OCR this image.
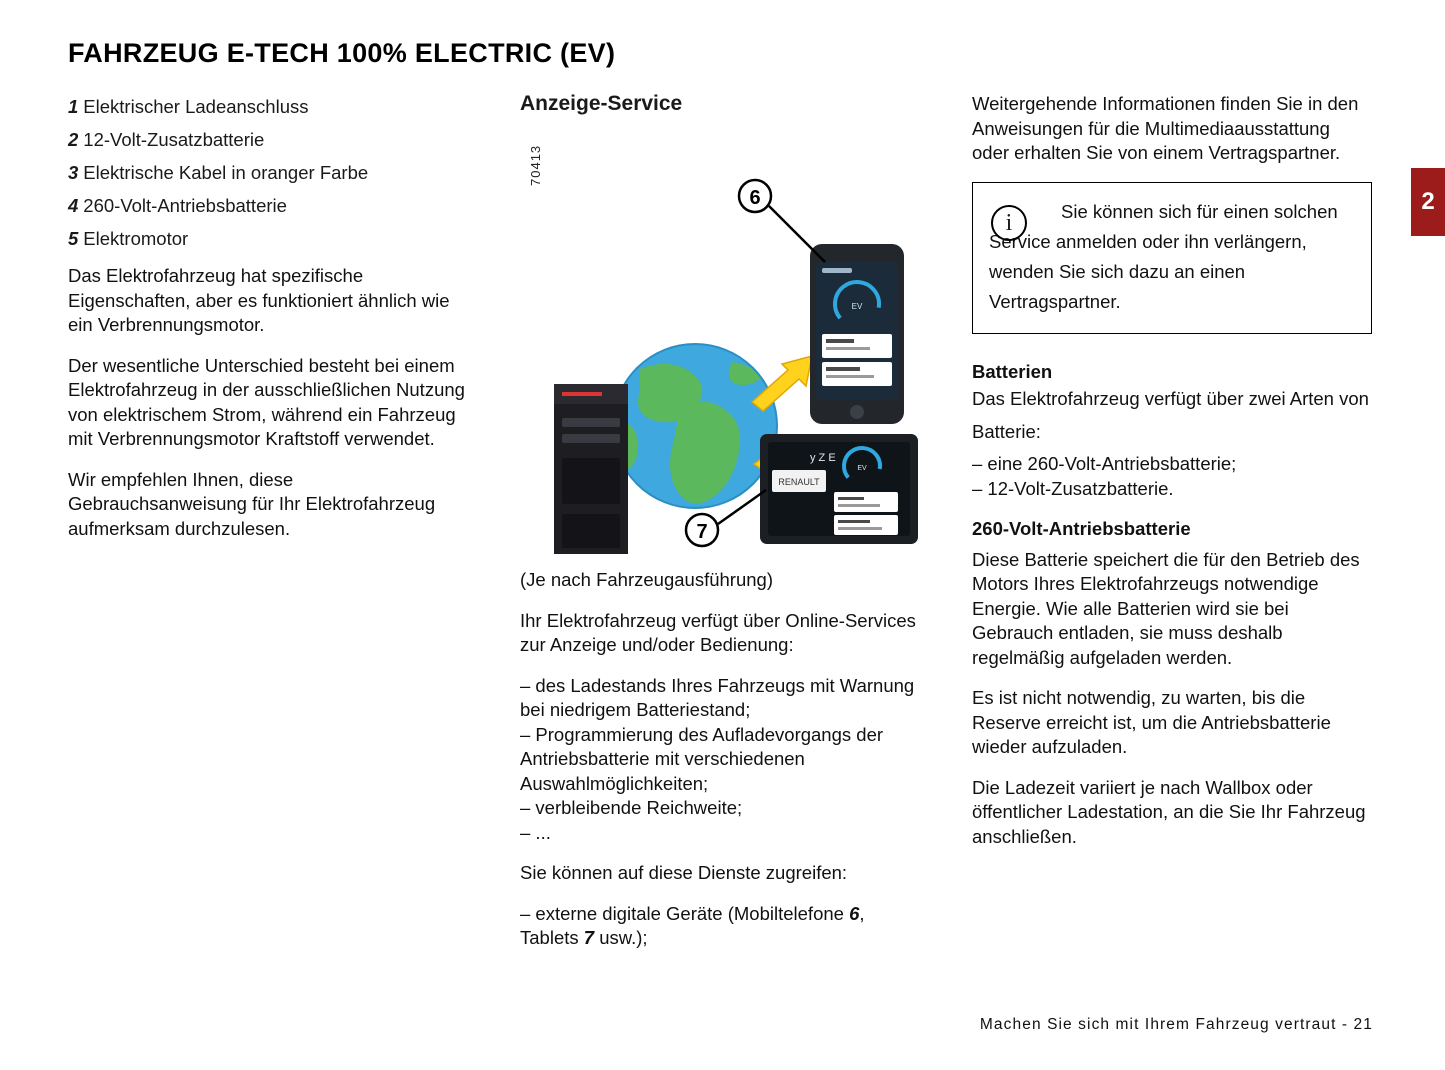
FAHRZEUG E-TECH 100% ELECTRIC (EV)
2
1 Elektrischer Ladeanschluss
2 12-Volt-Zusatzbatterie
3 Elektrische Kabel in oranger Farbe
4 260-Volt-Antriebsbatterie
5 Elektromotor

Das Elektrofahrzeug hat spezifische Eigenschaften, aber es funktioniert ähnlich wie ein Verbrennungsmotor.

Der wesentliche Unterschied besteht bei einem Elektrofahrzeug in der ausschließlichen Nutzung von elektrischem Strom, während ein Fahrzeug mit Verbrennungsmotor Kraftstoff verwendet.

Wir empfehlen Ihnen, diese Gebrauchsanweisung für Ihr Elektrofahrzeug aufmerksam durchzulesen.

Anzeige-Service
70413
EV
RENAULT
y Z E
EV
6
7

(Je nach Fahrzeugausführung)

Ihr Elektrofahrzeug verfügt über Online-Services zur Anzeige und/oder Bedienung:

– des Ladestands Ihres Fahrzeugs mit Warnung bei niedrigem Batteriestand;

– Programmierung des Aufladevorgangs der Antriebsbatterie mit verschiedenen Auswahlmöglichkeiten;

– verbleibende Reichweite;

– ...

Sie können auf diese Dienste zugreifen:

– externe digitale Geräte (Mobiltelefone 6, Tablets 7 usw.);

Weitergehende Informationen finden Sie in den Anweisungen für die Multimediaausstattung oder erhalten Sie von einem Vertragspartner.

i	Sie können sich für einen solchen Service anmelden oder ihn verlängern, wenden Sie sich dazu an einen Vertragspartner.

Batterien

Das Elektrofahrzeug verfügt über zwei Arten von

Batterie:

– eine 260-Volt-Antriebsbatterie;

– 12-Volt-Zusatzbatterie.

260-Volt-Antriebsbatterie

Diese Batterie speichert die für den Betrieb des Motors Ihres Elektrofahrzeugs notwendige Energie. Wie alle Batterien wird sie bei Gebrauch entladen, sie muss deshalb regelmäßig aufgeladen werden.

Es ist nicht notwendig, zu warten, bis die Reserve erreicht ist, um die Antriebsbatterie wieder aufzuladen.

Die Ladezeit variiert je nach Wallbox oder öffentlicher Ladestation, an die Sie Ihr Fahrzeug anschließen.

Machen Sie sich mit Ihrem Fahrzeug vertraut - 21
